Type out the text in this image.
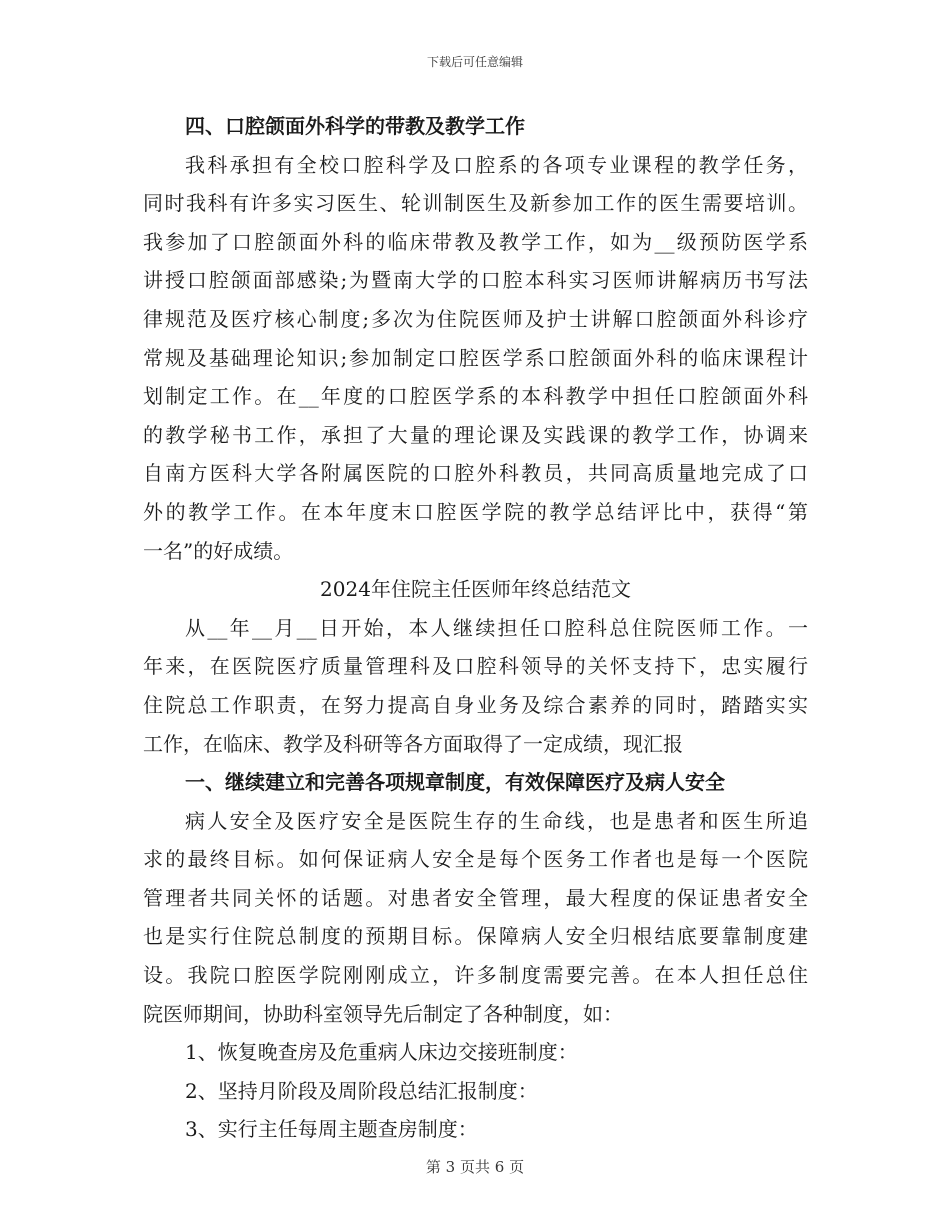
下载后可任意编辑
四、口腔颌面外科学的带教及教学工作
我科承担有全校口腔科学及口腔系的各项专业课程的教学任务，
同时我科有许多实习医生、轮训制医生及新参加工作的医生需要培训。
我参加了口腔颌面外科的临床带教及教学工作，如为__级预防医学系
讲授口腔颌面部感染;为暨南大学的口腔本科实习医师讲解病历书写法
律规范及医疗核心制度;多次为住院医师及护士讲解口腔颌面外科诊疗
常规及基础理论知识;参加制定口腔医学系口腔颌面外科的临床课程计
划制定工作。在__年度的口腔医学系的本科教学中担任口腔颌面外科
的教学秘书工作，承担了大量的理论课及实践课的教学工作，协调来
自南方医科大学各附属医院的口腔外科教员，共同高质量地完成了口
外的教学工作。在本年度末口腔医学院的教学总结评比中，获得“第
一名”的好成绩。
2024年住院主任医师年终总结范文
从__年__月__日开始，本人继续担任口腔科总住院医师工作。一
年来，在医院医疗质量管理科及口腔科领导的关怀支持下，忠实履行
住院总工作职责，在努力提高自身业务及综合素养的同时，踏踏实实
工作，在临床、教学及科研等各方面取得了一定成绩，现汇报
一、继续建立和完善各项规章制度，有效保障医疗及病人安全
病人安全及医疗安全是医院生存的生命线，也是患者和医生所追
求的最终目标。如何保证病人安全是每个医务工作者也是每一个医院
管理者共同关怀的话题。对患者安全管理，最大程度的保证患者安全
也是实行住院总制度的预期目标。保障病人安全归根结底要靠制度建
设。我院口腔医学院刚刚成立，许多制度需要完善。在本人担任总住
院医师期间，协助科室领导先后制定了各种制度，如：
1、恢复晚查房及危重病人床边交接班制度：
2、坚持月阶段及周阶段总结汇报制度：
3、实行主任每周主题查房制度：
第 3 页共 6 页
